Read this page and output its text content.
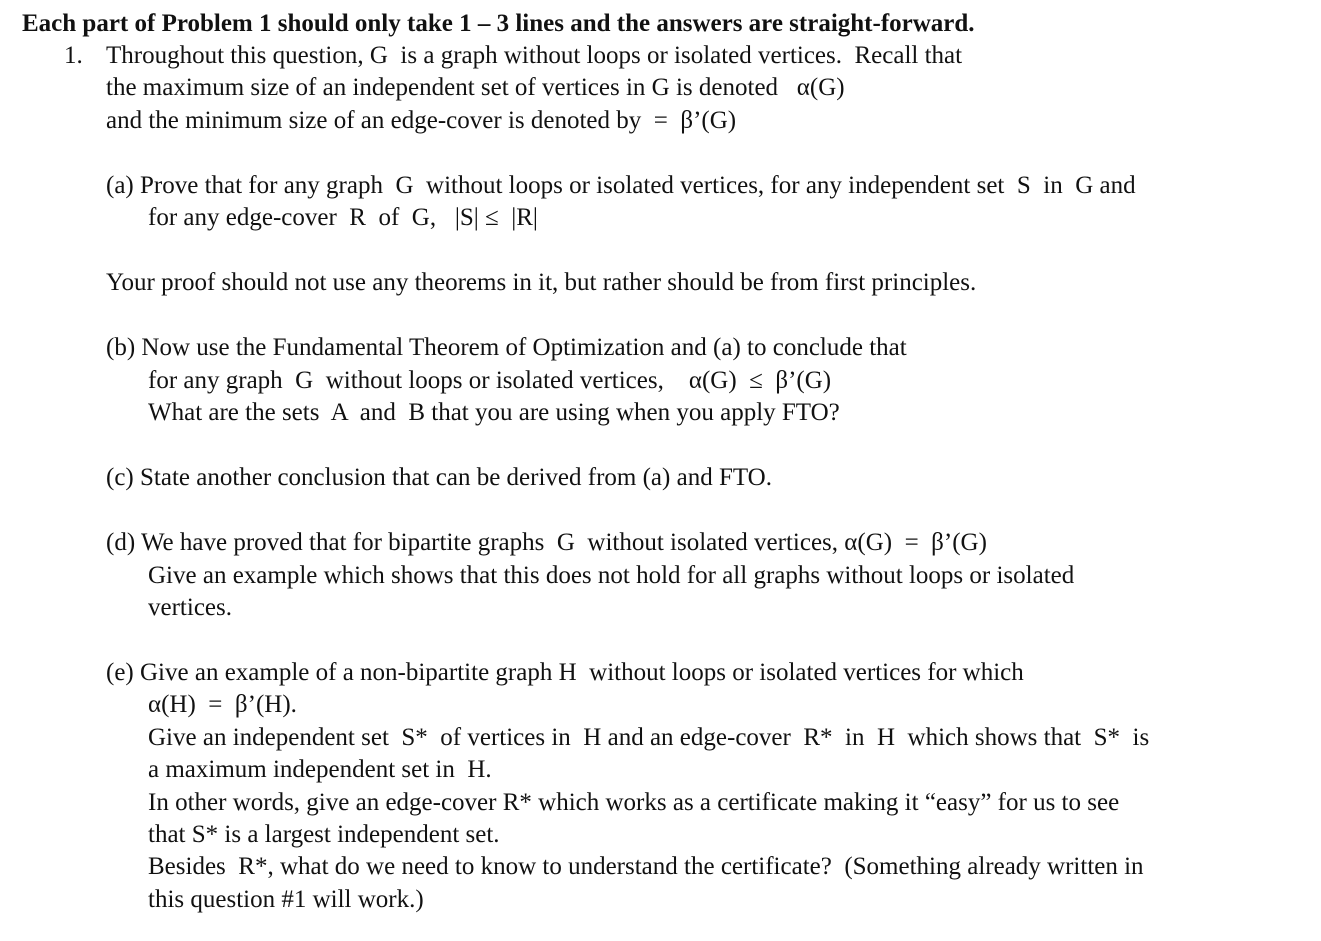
Each part of Problem 1 should only take 1 – 3 lines and the answers are straight-forward.
1. Throughout this question, G  is a graph without loops or isolated vertices.  Recall that
the maximum size of an independent set of vertices in G is denoted   α(G)
and the minimum size of an edge-cover is denoted by  =  β’(G)
(a) Prove that for any graph  G  without loops or isolated vertices, for any independent set  S  in  G and
for any edge-cover  R  of  G,   |S| ≤  |R|
Your proof should not use any theorems in it, but rather should be from first principles.
(b) Now use the Fundamental Theorem of Optimization and (a) to conclude that
for any graph  G  without loops or isolated vertices,    α(G)  ≤  β’(G)
What are the sets  A  and  B that you are using when you apply FTO?
(c) State another conclusion that can be derived from (a) and FTO.
(d) We have proved that for bipartite graphs  G  without isolated vertices, α(G)  =  β’(G)
Give an example which shows that this does not hold for all graphs without loops or isolated
vertices.
(e) Give an example of a non-bipartite graph H  without loops or isolated vertices for which
α(H)  =  β’(H).
Give an independent set  S*  of vertices in  H and an edge-cover  R*  in  H  which shows that  S*  is
a maximum independent set in  H.
In other words, give an edge-cover R* which works as a certificate making it “easy” for us to see
that S* is a largest independent set.
Besides  R*, what do we need to know to understand the certificate?  (Something already written in
this question #1 will work.)
